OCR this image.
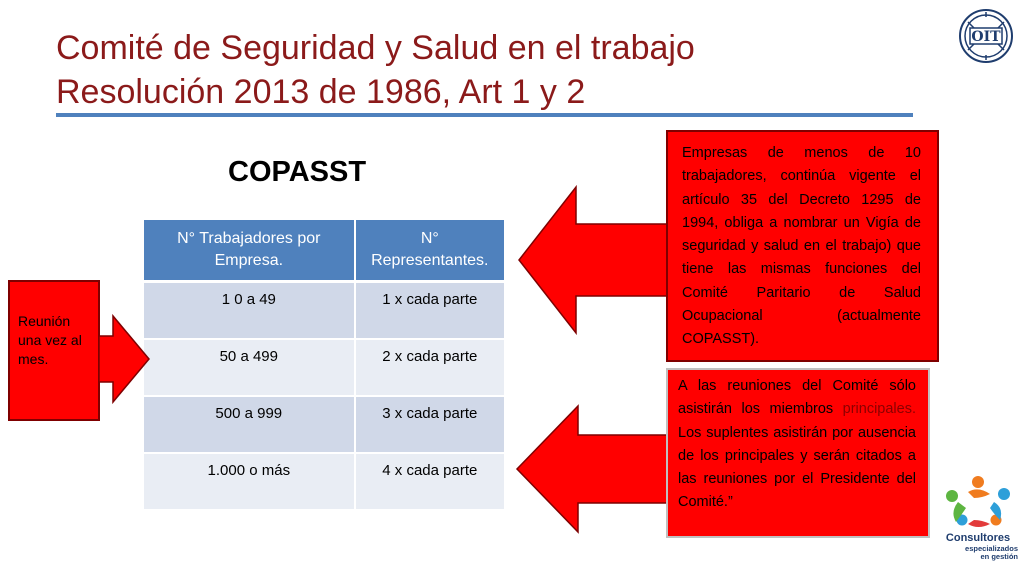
Comité de Seguridad y Salud en el trabajo
Resolución 2013 de 1986, Art 1 y 2
OIT
COPASST
N° Trabajadores por Empresa.	N° Representantes.
1 0 a 49	1 x cada parte
50 a 499	2 x cada parte
500 a 999	3 x cada parte
1.000 o más	4 x cada parte
Reunión una vez al mes.
Empresas de menos de 10 trabajadores, continúa vigente el artículo 35 del Decreto 1295 de 1994, obliga a nombrar un Vigía de seguridad y salud en el trabajo) que tiene las mismas funciones del Comité Paritario de Salud Ocupacional (actualmente COPASST).
A las reuniones del Comité sólo asistirán los miembros principales. Los suplentes asistirán por ausencia de los principales y serán citados a las reuniones por el Presidente del Comité.”
Consultores
especializados
en gestión
